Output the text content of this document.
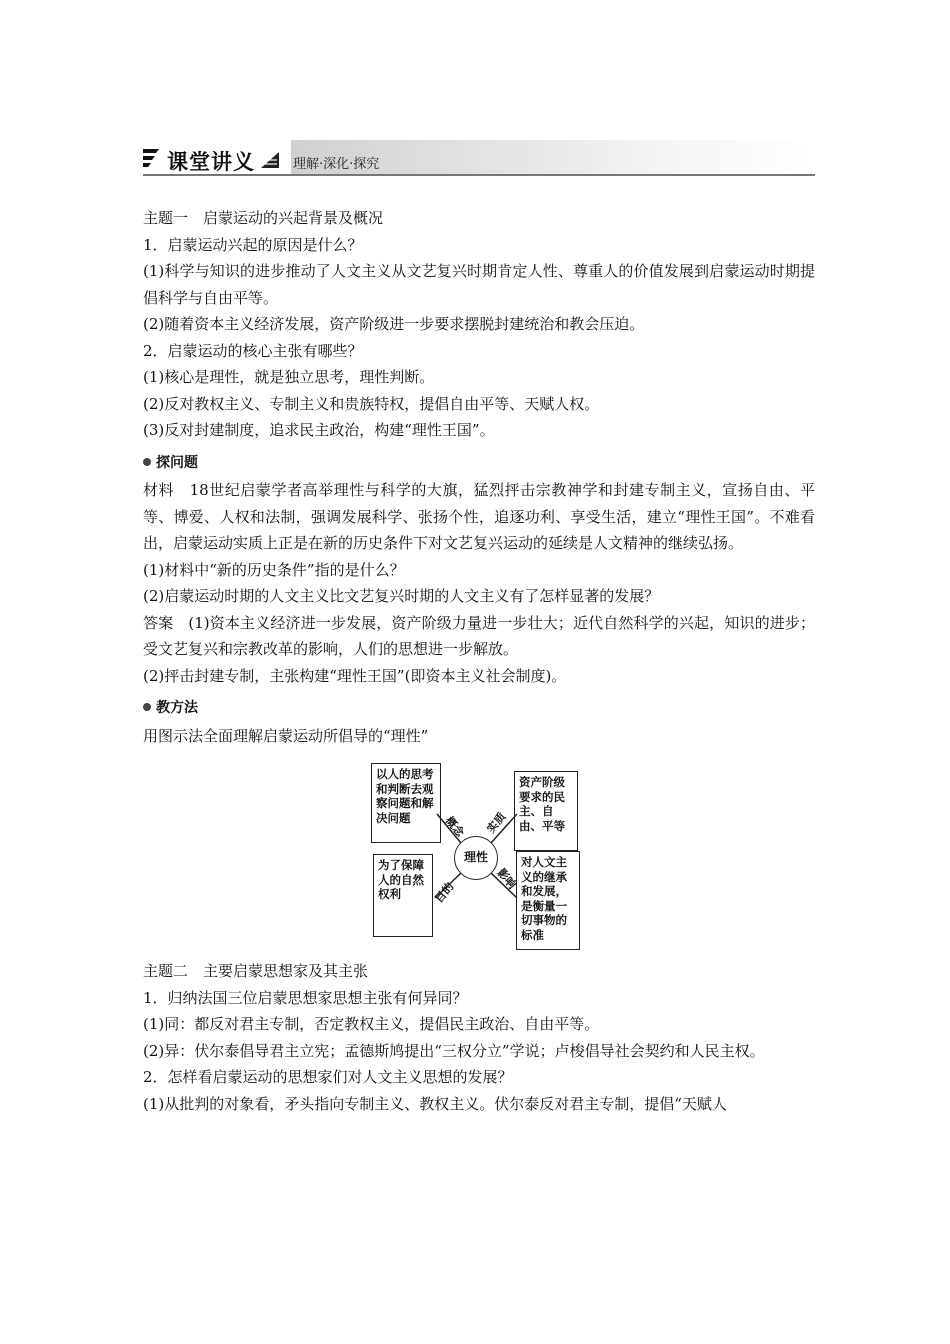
课堂讲义	理解·深化·探究

主题一　启蒙运动的兴起背景及概况

1．启蒙运动兴起的原因是什么？

(1)科学与知识的进步推动了人文主义从文艺复兴时期肯定人性、尊重人的价值发展到启蒙运动时期提倡科学与自由平等。

(2)随着资本主义经济发展，资产阶级进一步要求摆脱封建统治和教会压迫。

2．启蒙运动的核心主张有哪些？

(1)核心是理性，就是独立思考，理性判断。

(2)反对教权主义、专制主义和贵族特权，提倡自由平等、天赋人权。

(3)反对封建制度，追求民主政治，构建“理性王国”。

探问题

材料　18世纪启蒙学者高举理性与科学的大旗，猛烈抨击宗教神学和封建专制主义，宣扬自由、平等、博爱、人权和法制，强调发展科学、张扬个性，追逐功利、享受生活，建立“理性王国”。不难看出，启蒙运动实质上正是在新的历史条件下对文艺复兴运动的延续是人文精神的继续弘扬。

(1)材料中“新的历史条件”指的是什么？

(2)启蒙运动时期的人文主义比文艺复兴时期的人文主义有了怎样显著的发展？

答案　(1)资本主义经济进一步发展，资产阶级力量进一步壮大；近代自然科学的兴起，知识的进步；受文艺复兴和宗教改革的影响，人们的思想进一步解放。

(2)抨击封建专制，主张构建“理性王国”(即资本主义社会制度)。

教方法

用图示法全面理解启蒙运动所倡导的“理性”

以人的思考和判断去观察问题和解决问题
资产阶级要求的民主、自由、平等
为了保障人的自然权利
对人文主义的继承和发展，是衡量一切事物的标准
理性
概念	实质
目的
影响

主题二　主要启蒙思想家及其主张

1．归纳法国三位启蒙思想家思想主张有何异同？

(1)同：都反对君主专制，否定教权主义，提倡民主政治、自由平等。

(2)异：伏尔泰倡导君主立宪；孟德斯鸠提出“三权分立”学说；卢梭倡导社会契约和人民主权。

2．怎样看启蒙运动的思想家们对人文主义思想的发展？

(1)从批判的对象看，矛头指向专制主义、教权主义。伏尔泰反对君主专制，提倡“天赋人
